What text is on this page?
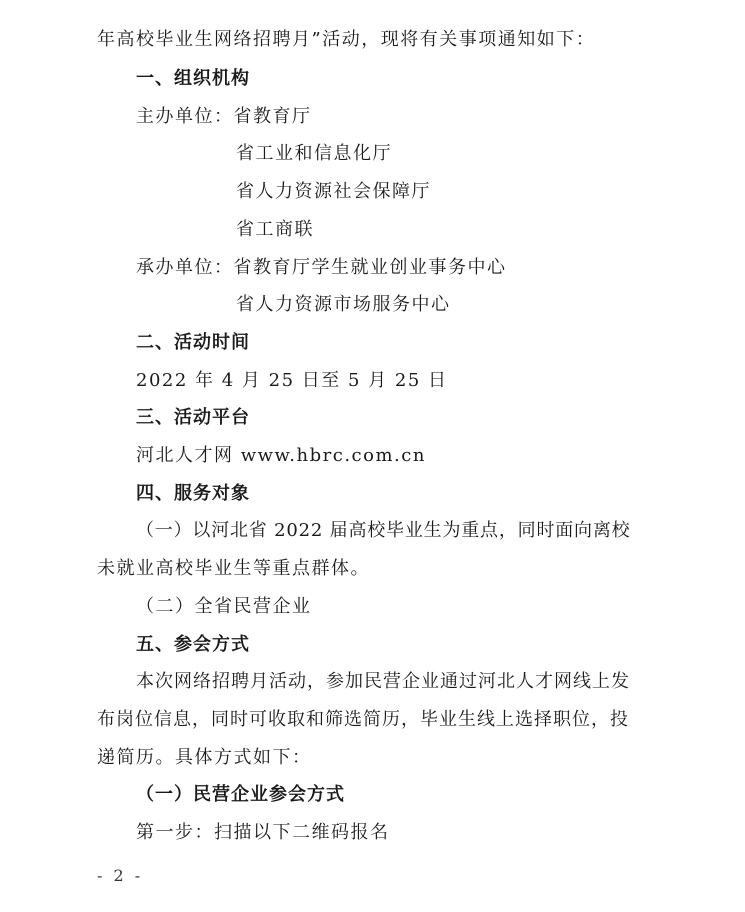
年高校毕业生网络招聘月”活动，现将有关事项通知如下：
一、组织机构
主办单位：省教育厅
省工业和信息化厅
省人力资源社会保障厅
省工商联
承办单位：省教育厅学生就业创业事务中心
省人力资源市场服务中心
二、活动时间
2022 年 4 月 25 日至 5 月 25 日
三、活动平台
河北人才网 www.hbrc.com.cn
四、服务对象
（一）以河北省 2022 届高校毕业生为重点，同时面向离校
未就业高校毕业生等重点群体。
（二）全省民营企业
五、参会方式
本次网络招聘月活动，参加民营企业通过河北人才网线上发
布岗位信息，同时可收取和筛选简历，毕业生线上选择职位，投
递简历。具体方式如下：
（一）民营企业参会方式
第一步：扫描以下二维码报名
- 2 -
